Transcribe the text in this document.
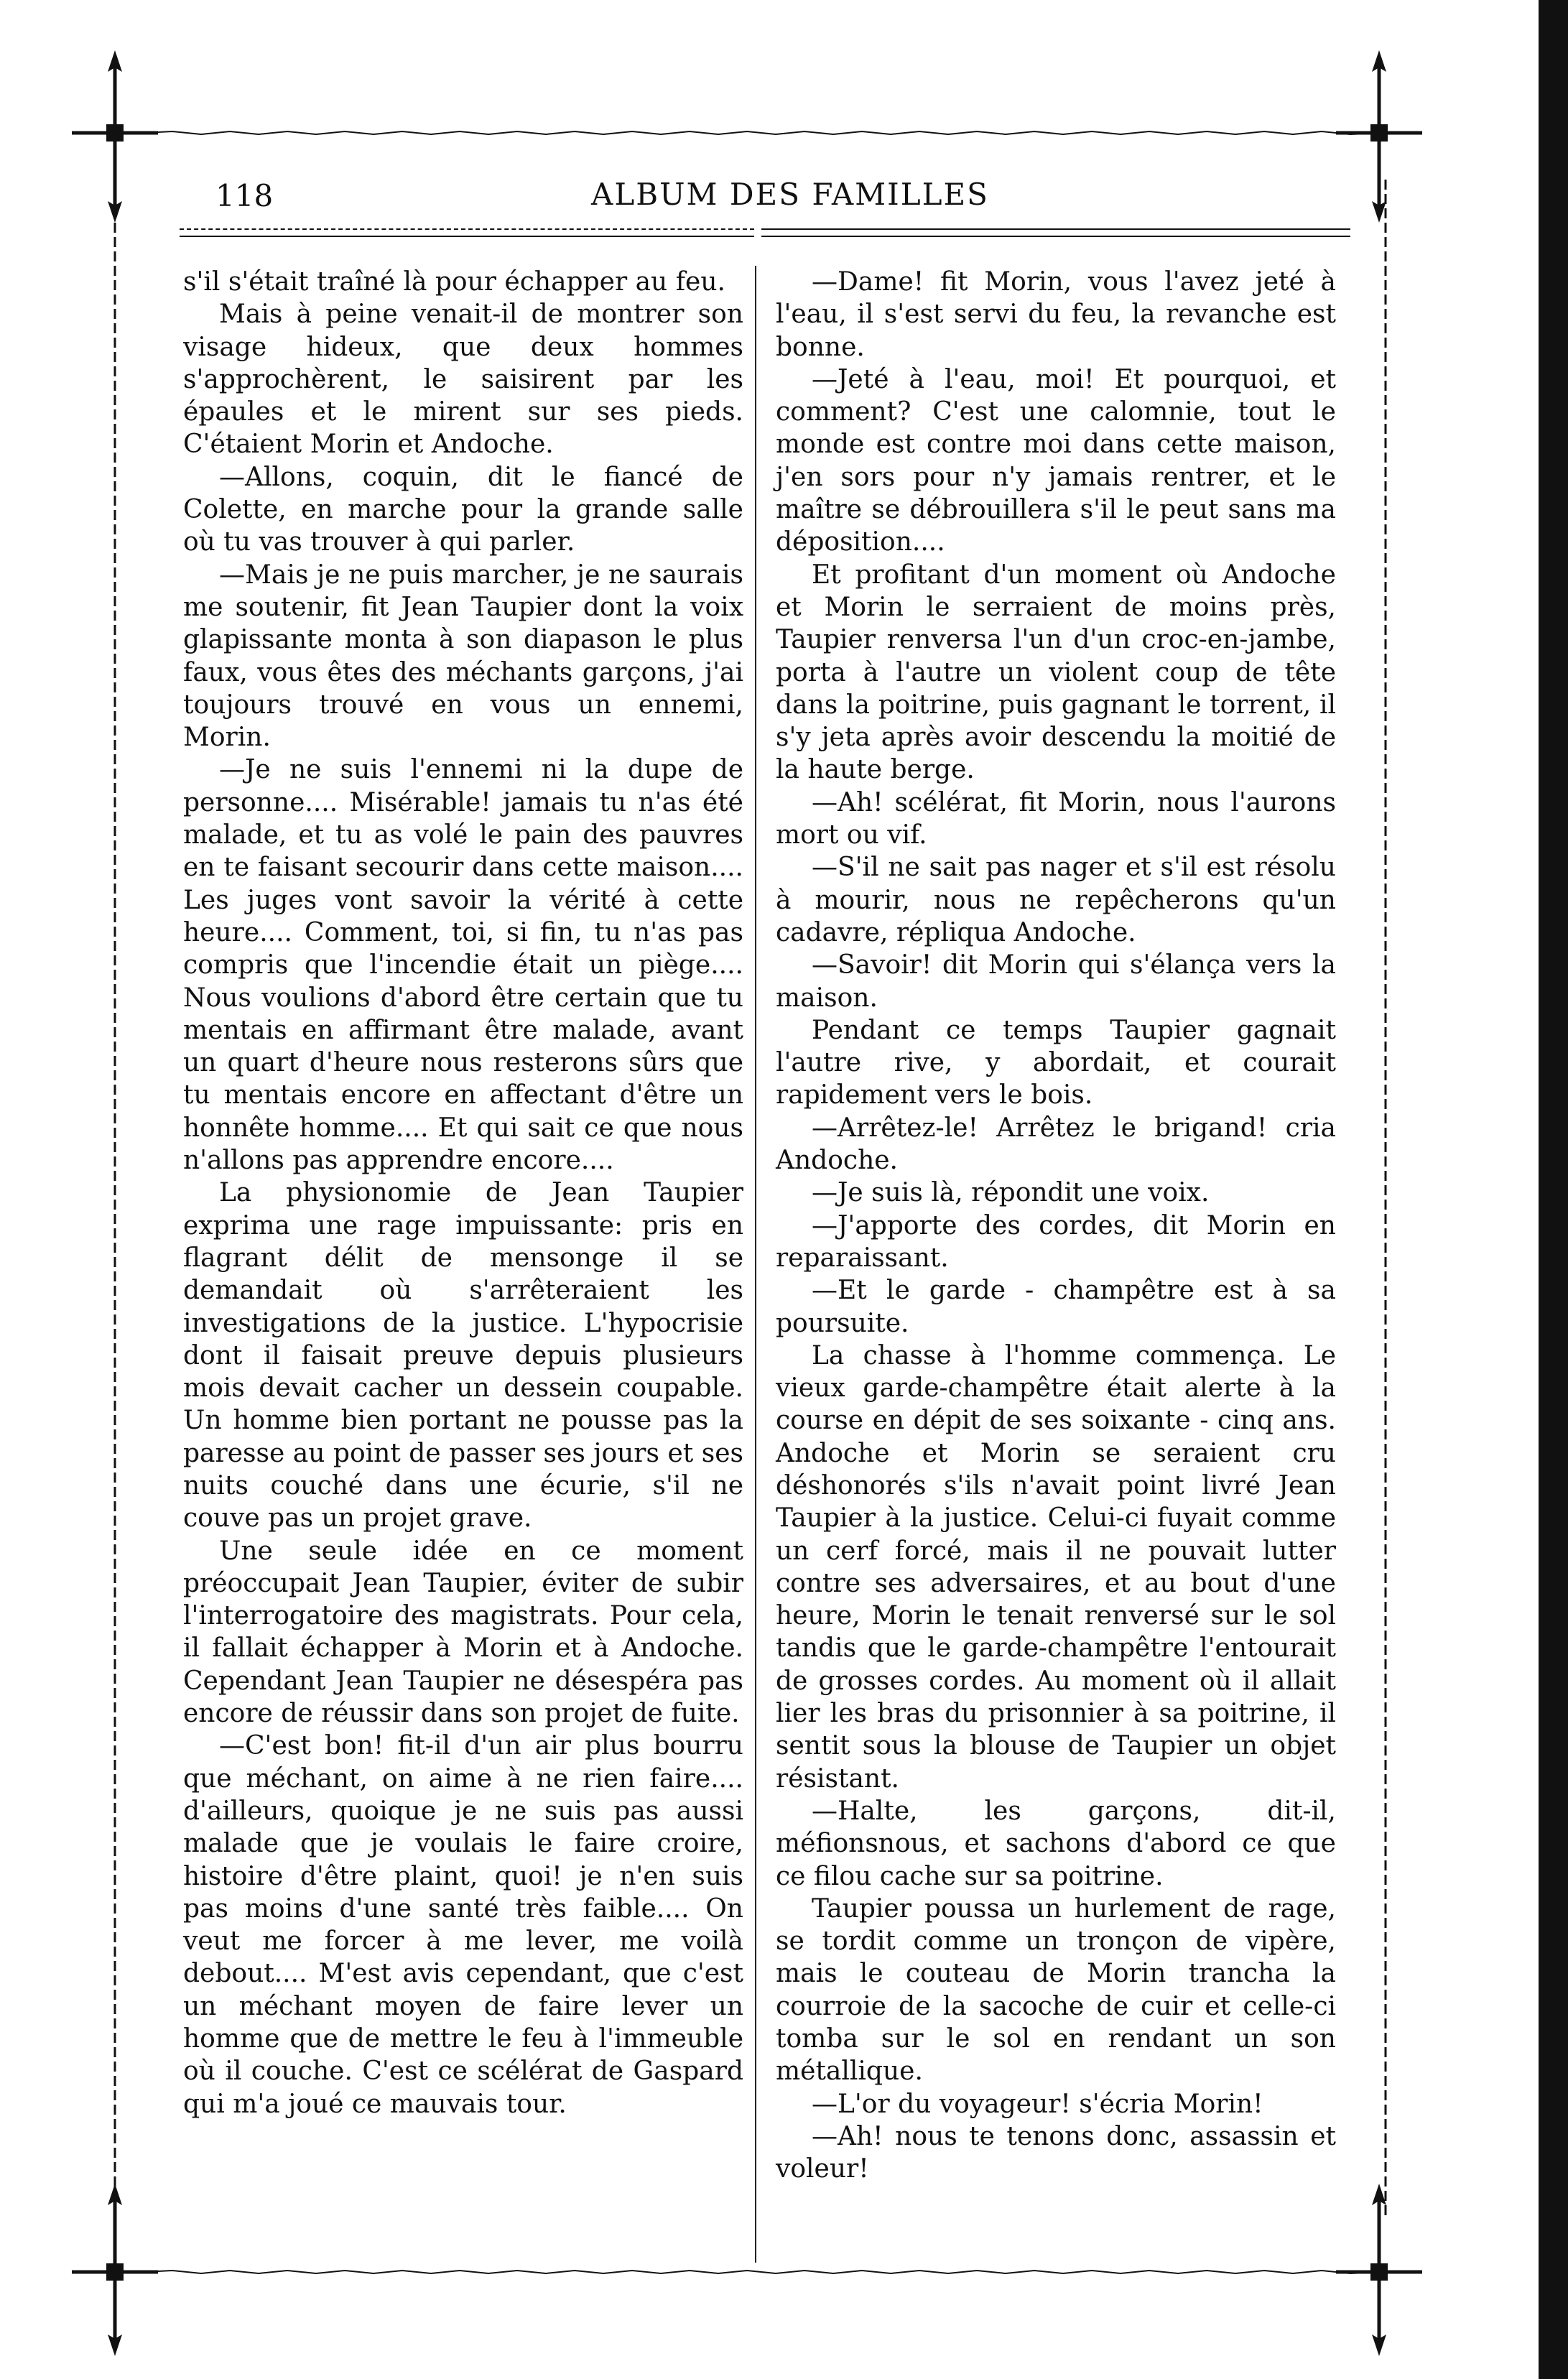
118	ALBUM DES FAMILLES

s'il s'était traîné là pour échapper au feu.

Mais à peine venait-il de montrer son visage hideux, que deux hommes s'approchèrent, le saisirent par les épaules et le mirent sur ses pieds. C'étaient Morin et Andoche.

—Allons, coquin, dit le fiancé de Colette, en marche pour la grande salle où tu vas trouver à qui parler.

—Mais je ne puis marcher, je ne saurais me soutenir, fit Jean Taupier dont la voix glapissante monta à son diapason le plus faux, vous êtes des méchants garçons, j'ai toujours trouvé en vous un ennemi, Morin.

—Je ne suis l'ennemi ni la dupe de personne.... Misérable! jamais tu n'as été malade, et tu as volé le pain des pauvres en te faisant secourir dans cette maison.... Les juges vont savoir la vérité à cette heure.... Comment, toi, si fin, tu n'as pas compris que l'incendie était un piège.... Nous voulions d'abord être certain que tu mentais en affirmant être malade, avant un quart d'heure nous resterons sûrs que tu mentais encore en affectant d'être un honnête homme.... Et qui sait ce que nous n'allons pas apprendre encore....

La physionomie de Jean Taupier exprima une rage impuissante: pris en flagrant délit de mensonge il se demandait où s'arrêteraient les investigations de la justice. L'hypocrisie dont il faisait preuve depuis plusieurs mois devait cacher un dessein coupable. Un homme bien portant ne pousse pas la paresse au point de passer ses jours et ses nuits couché dans une écurie, s'il ne couve pas un projet grave.

Une seule idée en ce moment préoccupait Jean Taupier, éviter de subir l'interrogatoire des magistrats. Pour cela, il fallait échapper à Morin et à Andoche. Cependant Jean Taupier ne désespéra pas encore de réussir dans son projet de fuite.

—C'est bon! fit-il d'un air plus bourru que méchant, on aime à ne rien faire.... d'ailleurs, quoique je ne suis pas aussi malade que je voulais le faire croire, histoire d'être plaint, quoi! je n'en suis pas moins d'une santé très faible.... On veut me forcer à me lever, me voilà debout.... M'est avis cependant, que c'est un méchant moyen de faire lever un homme que de mettre le feu à l'immeuble où il couche. C'est ce scélérat de Gaspard qui m'a joué ce mauvais tour.

—Dame! fit Morin, vous l'avez jeté à l'eau, il s'est servi du feu, la revanche est bonne.

—Jeté à l'eau, moi! Et pourquoi, et comment? C'est une calomnie, tout le monde est contre moi dans cette maison, j'en sors pour n'y jamais rentrer, et le maître se débrouillera s'il le peut sans ma déposition....

Et profitant d'un moment où Andoche et Morin le serraient de moins près, Taupier renversa l'un d'un croc-en-jambe, porta à l'autre un violent coup de tête dans la poitrine, puis gagnant le torrent, il s'y jeta après avoir descendu la moitié de la haute berge.

—Ah! scélérat, fit Morin, nous l'aurons mort ou vif.

—S'il ne sait pas nager et s'il est résolu à mourir, nous ne repêcherons qu'un cadavre, répliqua Andoche.

—Savoir! dit Morin qui s'élança vers la maison.

Pendant ce temps Taupier gagnait l'autre rive, y abordait, et courait rapidement vers le bois.

—Arrêtez-le! Arrêtez le brigand! cria Andoche.

—Je suis là, répondit une voix.

—J'apporte des cordes, dit Morin en reparaissant.

—Et le garde - champêtre est à sa poursuite.

La chasse à l'homme commença. Le vieux garde-champêtre était alerte à la course en dépit de ses soixante - cinq ans. Andoche et Morin se seraient cru déshonorés s'ils n'avait point livré Jean Taupier à la justice. Celui-ci fuyait comme un cerf forcé, mais il ne pouvait lutter contre ses adversaires, et au bout d'une heure, Morin le tenait renversé sur le sol tandis que le garde-champêtre l'entourait de grosses cordes. Au moment où il allait lier les bras du prisonnier à sa poitrine, il sentit sous la blouse de Taupier un objet résistant.

—Halte, les garçons, dit-il, méfionsnous, et sachons d'abord ce que ce filou cache sur sa poitrine.

Taupier poussa un hurlement de rage, se tordit comme un tronçon de vipère, mais le couteau de Morin trancha la courroie de la sacoche de cuir et celle-ci tomba sur le sol en rendant un son métallique.

—L'or du voyageur! s'écria Morin!

—Ah! nous te tenons donc, assassin et voleur!
